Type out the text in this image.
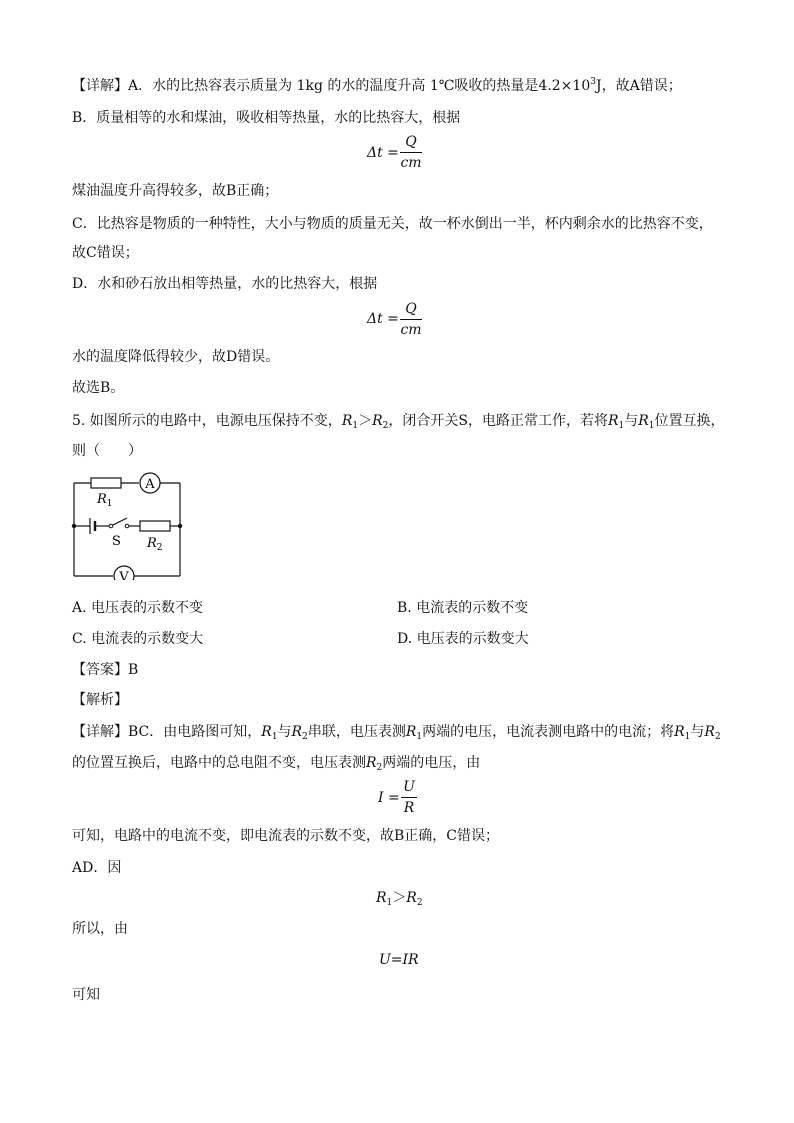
【详解】A．水的比热容表示质量为 1kg 的水的温度升高 1℃吸收的热量是$4.2\times 10^3J$，故A错误；
B．质量相等的水和煤油，吸收相等热量，水的比热容大，根据
Δt =
Q
cm
煤油温度升高得较多，故B正确；
C．比热容是物质的一种特性，大小与物质的质量无关，故一杯水倒出一半，杯内剩余水的比热容不变，
故C错误；
D．水和砂石放出相等热量，水的比热容大，根据
Δt =
Q
cm
水的温度降低得较少，故D错误。
故选B。
5. 如图所示的电路中，电源电压保持不变，$R_1>R_2$，闭合开关S，电路正常工作，若将$R_1$与$R_1$位置互换，
则（　　）
A
V
$R_1$
$R_2$
S
A. 电压表的示数不变	B. 电流表的示数不变
C. 电流表的示数变大	D. 电压表的示数变大
【答案】B
【解析】
【详解】BC．由电路图可知，$R_1$与$R_2$串联，电压表测$R_1$两端的电压，电流表测电路中的电流；将$R_1$与$R_2$
的位置互换后，电路中的总电阻不变，电压表测$R_2$两端的电压，由
I =
U
R
可知，电路中的电流不变，即电流表的示数不变，故B正确，C错误；
AD．因
$R_1>R_2$
所以，由
U=IR
可知
